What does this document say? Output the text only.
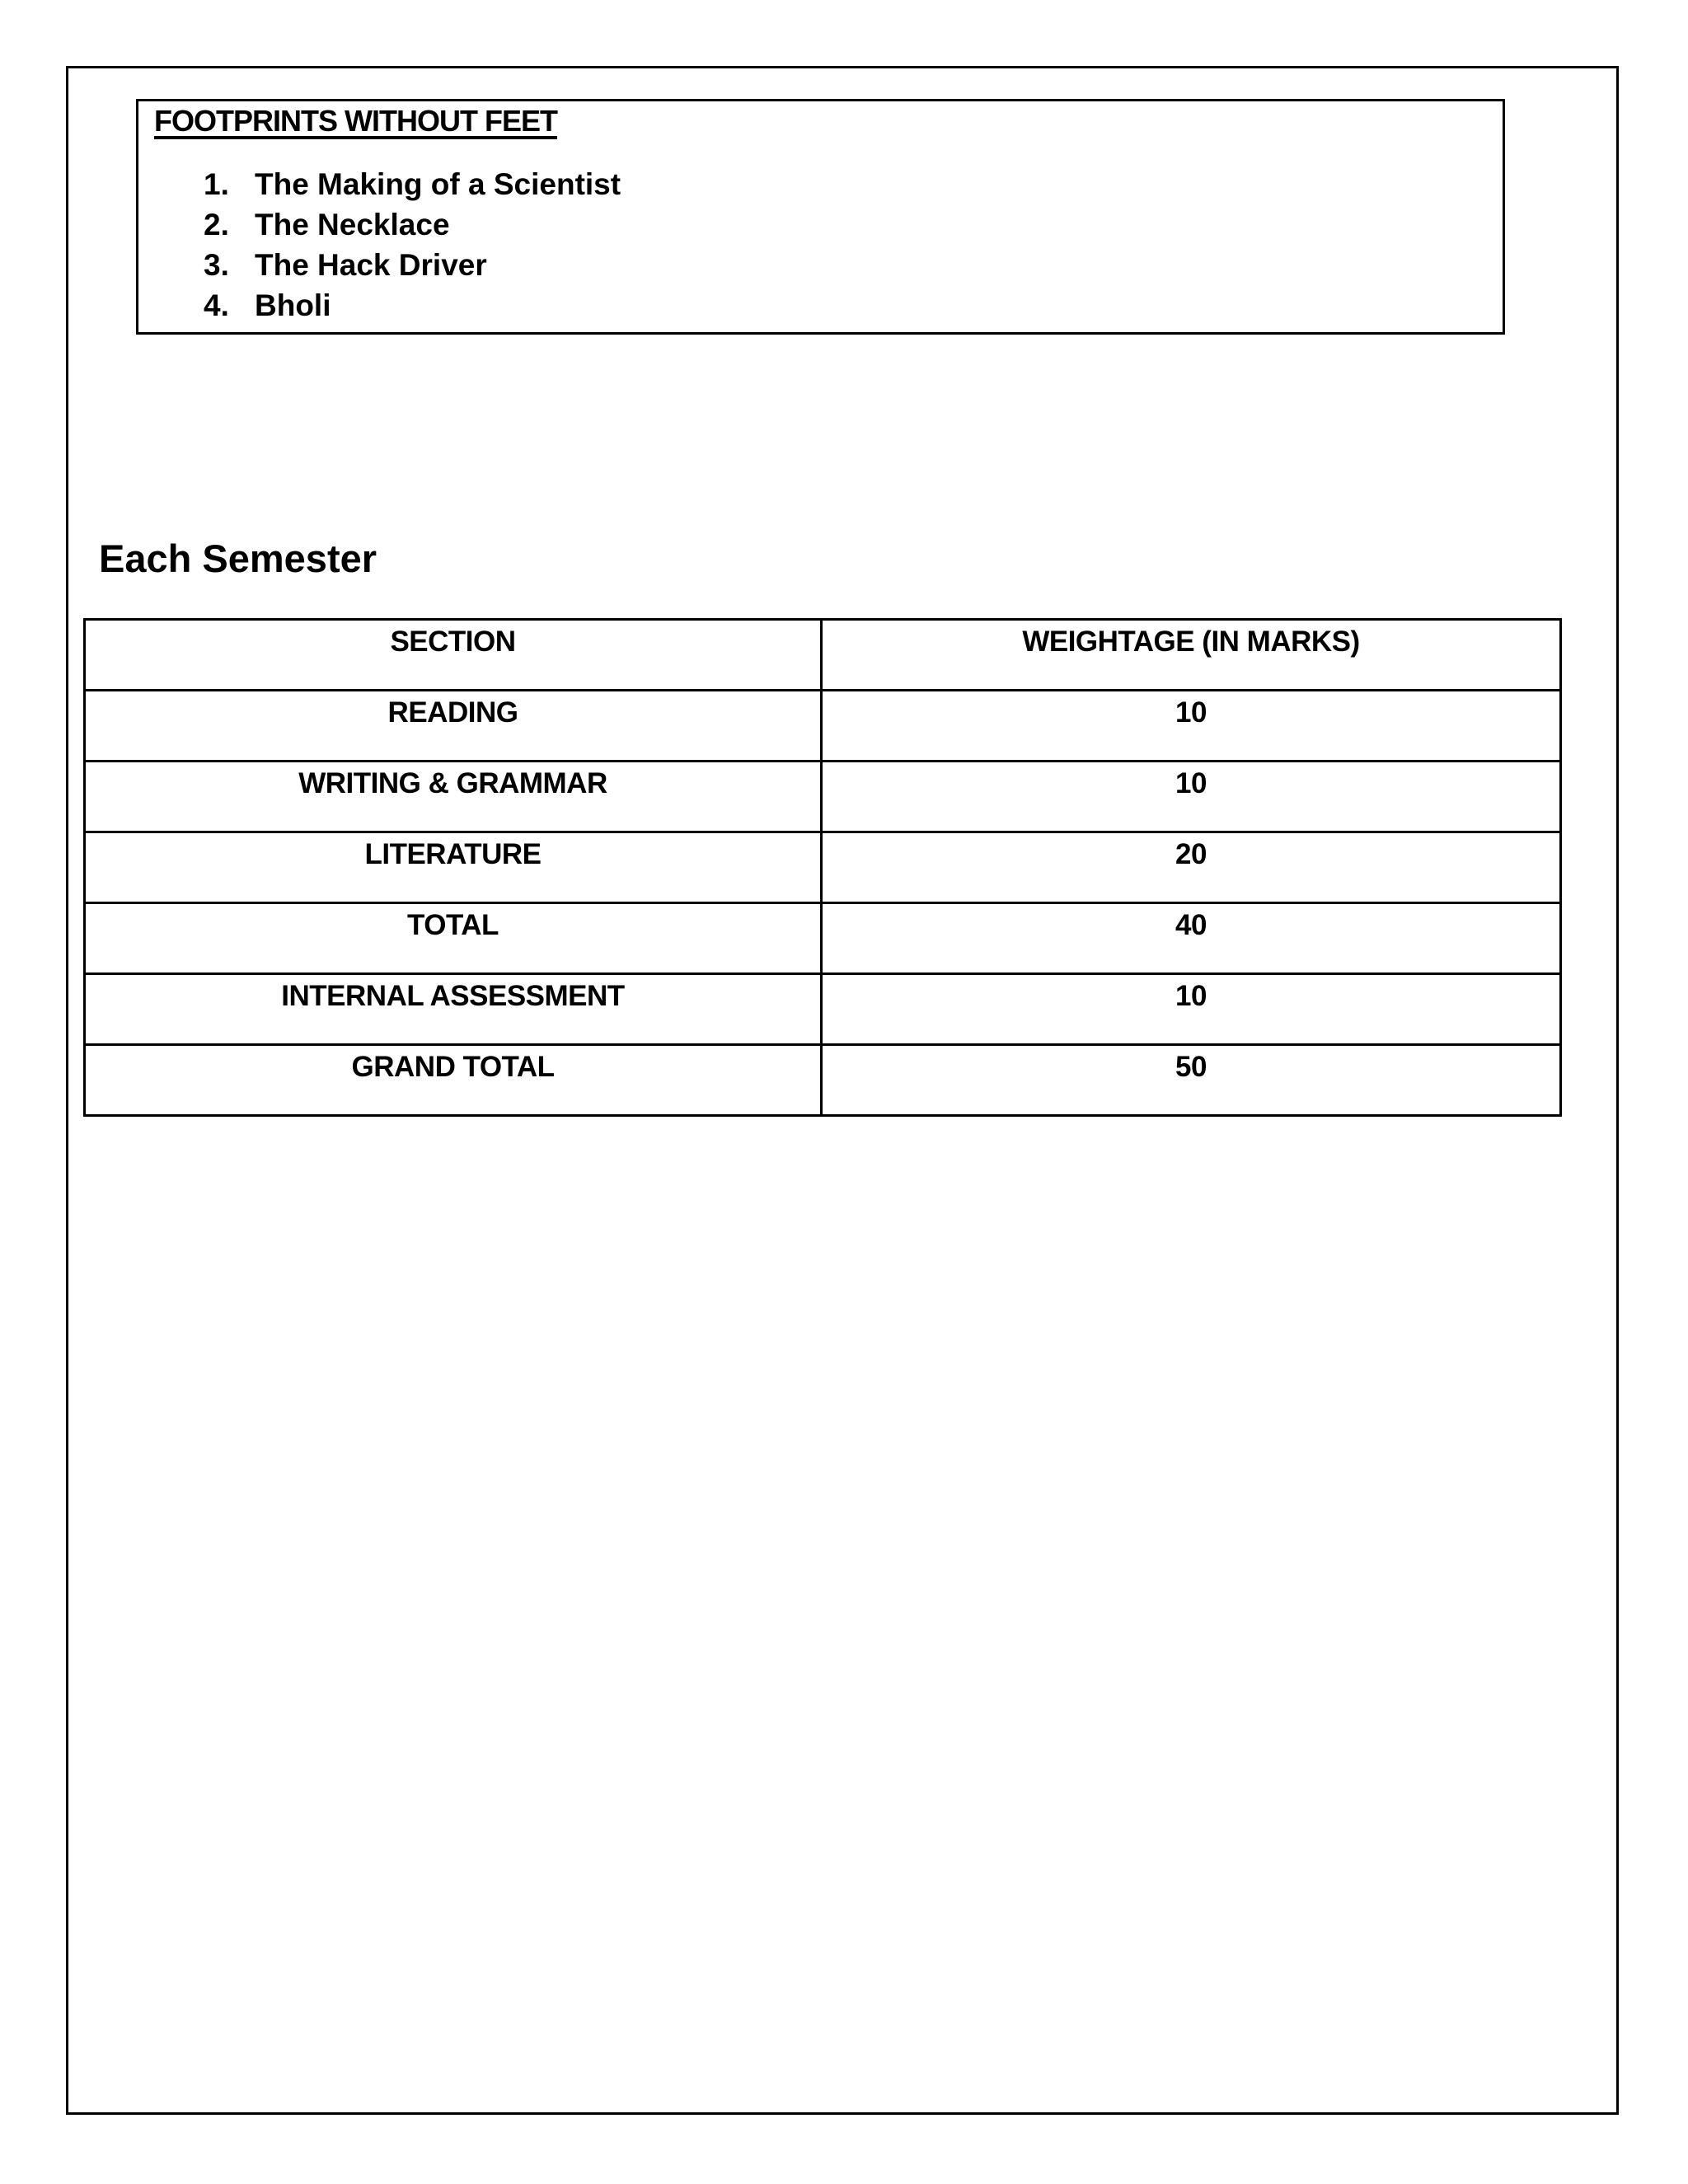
FOOTPRINTS WITHOUT FEET

1. The Making of a Scientist
2. The Necklace
3. The Hack Driver
4. Bholi
Each Semester
SECTION	WEIGHTAGE (IN MARKS)
READING	10
WRITING & GRAMMAR	10
LITERATURE	20
TOTAL	40
INTERNAL ASSESSMENT	10
GRAND TOTAL	50
